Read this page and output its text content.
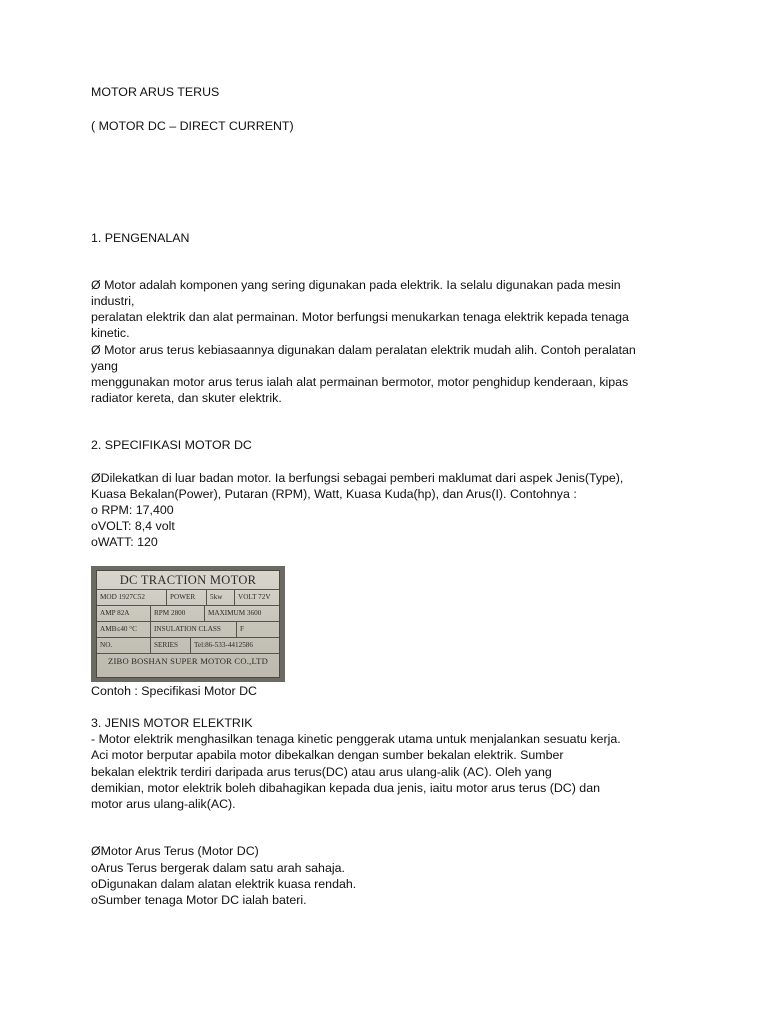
MOTOR ARUS TERUS
( MOTOR DC – DIRECT CURRENT)
1. PENGENALAN
Ø Motor adalah komponen yang sering digunakan pada elektrik. Ia selalu digunakan pada mesin
industri,
peralatan elektrik dan alat permainan. Motor berfungsi menukarkan tenaga elektrik kepada tenaga
kinetic.
Ø Motor arus terus kebiasaannya digunakan dalam peralatan elektrik mudah alih. Contoh peralatan
yang
menggunakan motor arus terus ialah alat permainan bermotor, motor penghidup kenderaan, kipas
radiator kereta, dan skuter elektrik.
2. SPECIFIKASI MOTOR DC
ØDilekatkan di luar badan motor. Ia berfungsi sebagai pemberi maklumat dari aspek Jenis(Type),
Kuasa Bekalan(Power), Putaran (RPM), Watt, Kuasa Kuda(hp), dan Arus(I). Contohnya :
o RPM: 17,400
oVOLT: 8,4 volt
oWATT: 120
DC TRACTION MOTOR
MOD 1927C52	POWER	5kw	VOLT 72V
AMP 82A	RPM 2800	MAXIMUM 3600
AMB≤40 °C	INSULATION CLASS	F
NO.	SERIES	Tel:86-533-4412586
ZIBO BOSHAN SUPER MOTOR CO.,LTD
Contoh : Specifikasi Motor DC
3. JENIS MOTOR ELEKTRIK
- Motor elektrik menghasilkan tenaga kinetic penggerak utama untuk menjalankan sesuatu kerja.
Aci motor berputar apabila motor dibekalkan dengan sumber bekalan elektrik. Sumber
bekalan elektrik terdiri daripada arus terus(DC) atau arus ulang-alik (AC). Oleh yang
demikian, motor elektrik boleh dibahagikan kepada dua jenis, iaitu motor arus terus (DC) dan
motor arus ulang-alik(AC).
ØMotor Arus Terus (Motor DC)
oArus Terus bergerak dalam satu arah sahaja.
oDigunakan dalam alatan elektrik kuasa rendah.
oSumber tenaga Motor DC ialah bateri.
